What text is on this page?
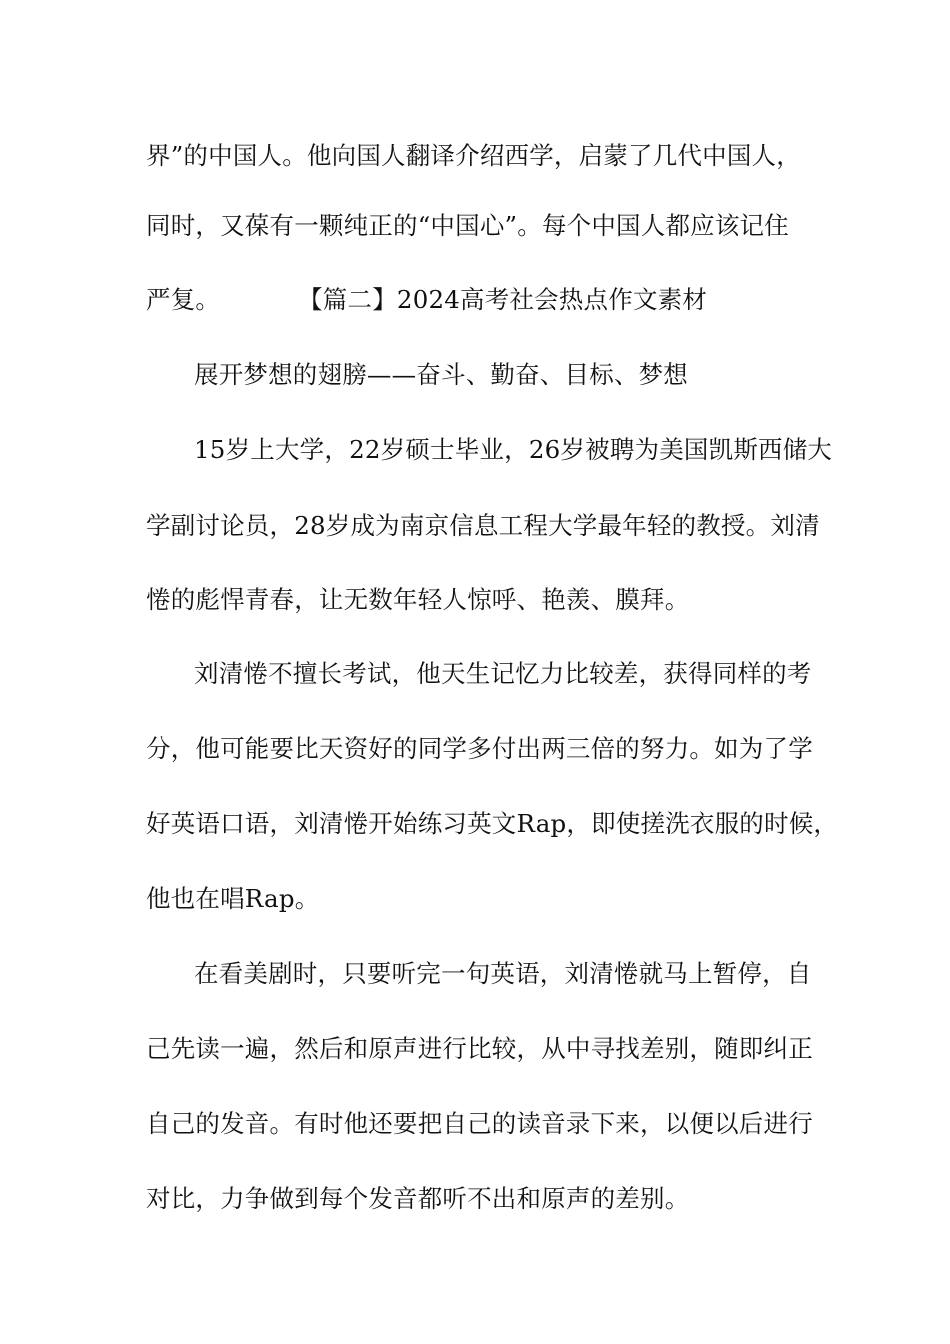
界”的中国人。他向国人翻译介绍西学，启蒙了几代中国人，
同时，又葆有一颗纯正的“中国心”。每个中国人都应该记住
严复。	【篇二】2024高考社会热点作文素材
展开梦想的翅膀——奋斗、勤奋、目标、梦想
15岁上大学，22岁硕士毕业，26岁被聘为美国凯斯西储大
学副讨论员，28岁成为南京信息工程大学最年轻的教授。刘清
惓的彪悍青春，让无数年轻人惊呼、艳羡、膜拜。
刘清惓不擅长考试，他天生记忆力比较差，获得同样的考
分，他可能要比天资好的同学多付出两三倍的努力。如为了学
好英语口语，刘清惓开始练习英文Rap，即使搓洗衣服的时候，
他也在唱Rap。
在看美剧时，只要听完一句英语，刘清惓就马上暂停，自
己先读一遍，然后和原声进行比较，从中寻找差别，随即纠正
自己的发音。有时他还要把自己的读音录下来，以便以后进行
对比，力争做到每个发音都听不出和原声的差别。
